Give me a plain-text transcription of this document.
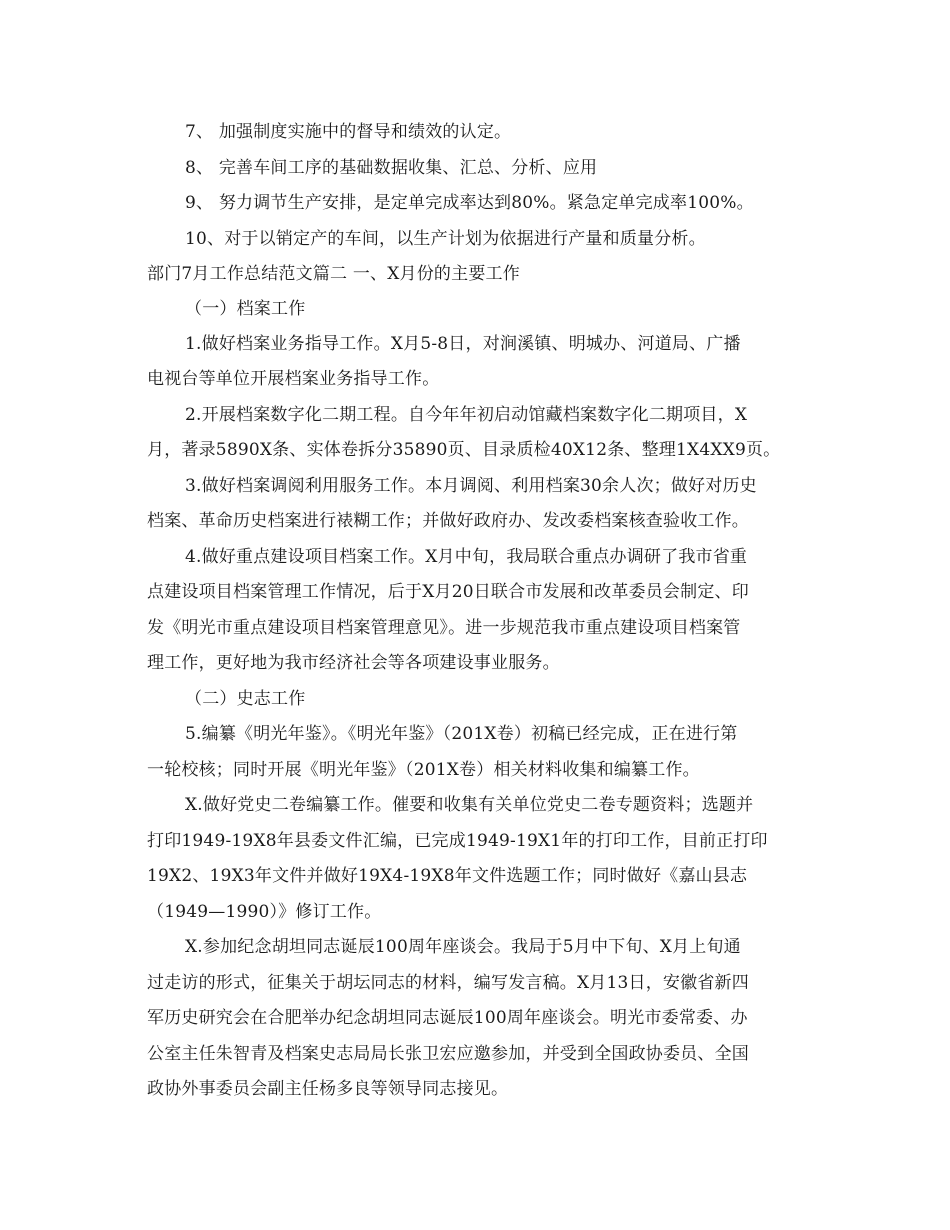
7、 加强制度实施中的督导和绩效的认定。
8、 完善车间工序的基础数据收集、汇总、分析、应用
9、 努力调节生产安排，是定单完成率达到80%。紧急定单完成率100%。
10、对于以销定产的车间，以生产计划为依据进行产量和质量分析。
部门7月工作总结范文篇二 一、X月份的主要工作
（一）档案工作
1.做好档案业务指导工作。X月5-8日，对涧溪镇、明城办、河道局、广播
电视台等单位开展档案业务指导工作。
2.开展档案数字化二期工程。自今年年初启动馆藏档案数字化二期项目，X
月，著录5890X条、实体卷拆分35890页、目录质检40X12条、整理1X4XX9页。
3.做好档案调阅利用服务工作。本月调阅、利用档案30余人次；做好对历史
档案、革命历史档案进行裱糊工作；并做好政府办、发改委档案核查验收工作。
4.做好重点建设项目档案工作。X月中旬，我局联合重点办调研了我市省重
点建设项目档案管理工作情况，后于X月20日联合市发展和改革委员会制定、印
发《明光市重点建设项目档案管理意见》。进一步规范我市重点建设项目档案管
理工作，更好地为我市经济社会等各项建设事业服务。
（二）史志工作
5.编纂《明光年鉴》。《明光年鉴》（201X卷）初稿已经完成，正在进行第
一轮校核；同时开展《明光年鉴》（201X卷）相关材料收集和编纂工作。
X.做好党史二卷编纂工作。催要和收集有关单位党史二卷专题资料；选题并
打印1949-19X8年县委文件汇编，已完成1949-19X1年的打印工作，目前正打印
19X2、19X3年文件并做好19X4-19X8年文件选题工作；同时做好《嘉山县志
（1949—1990）》修订工作。
X.参加纪念胡坦同志诞辰100周年座谈会。我局于5月中下旬、X月上旬通
过走访的形式，征集关于胡坛同志的材料，编写发言稿。X月13日，安徽省新四
军历史研究会在合肥举办纪念胡坦同志诞辰100周年座谈会。明光市委常委、办
公室主任朱智青及档案史志局局长张卫宏应邀参加，并受到全国政协委员、全国
政协外事委员会副主任杨多良等领导同志接见。
